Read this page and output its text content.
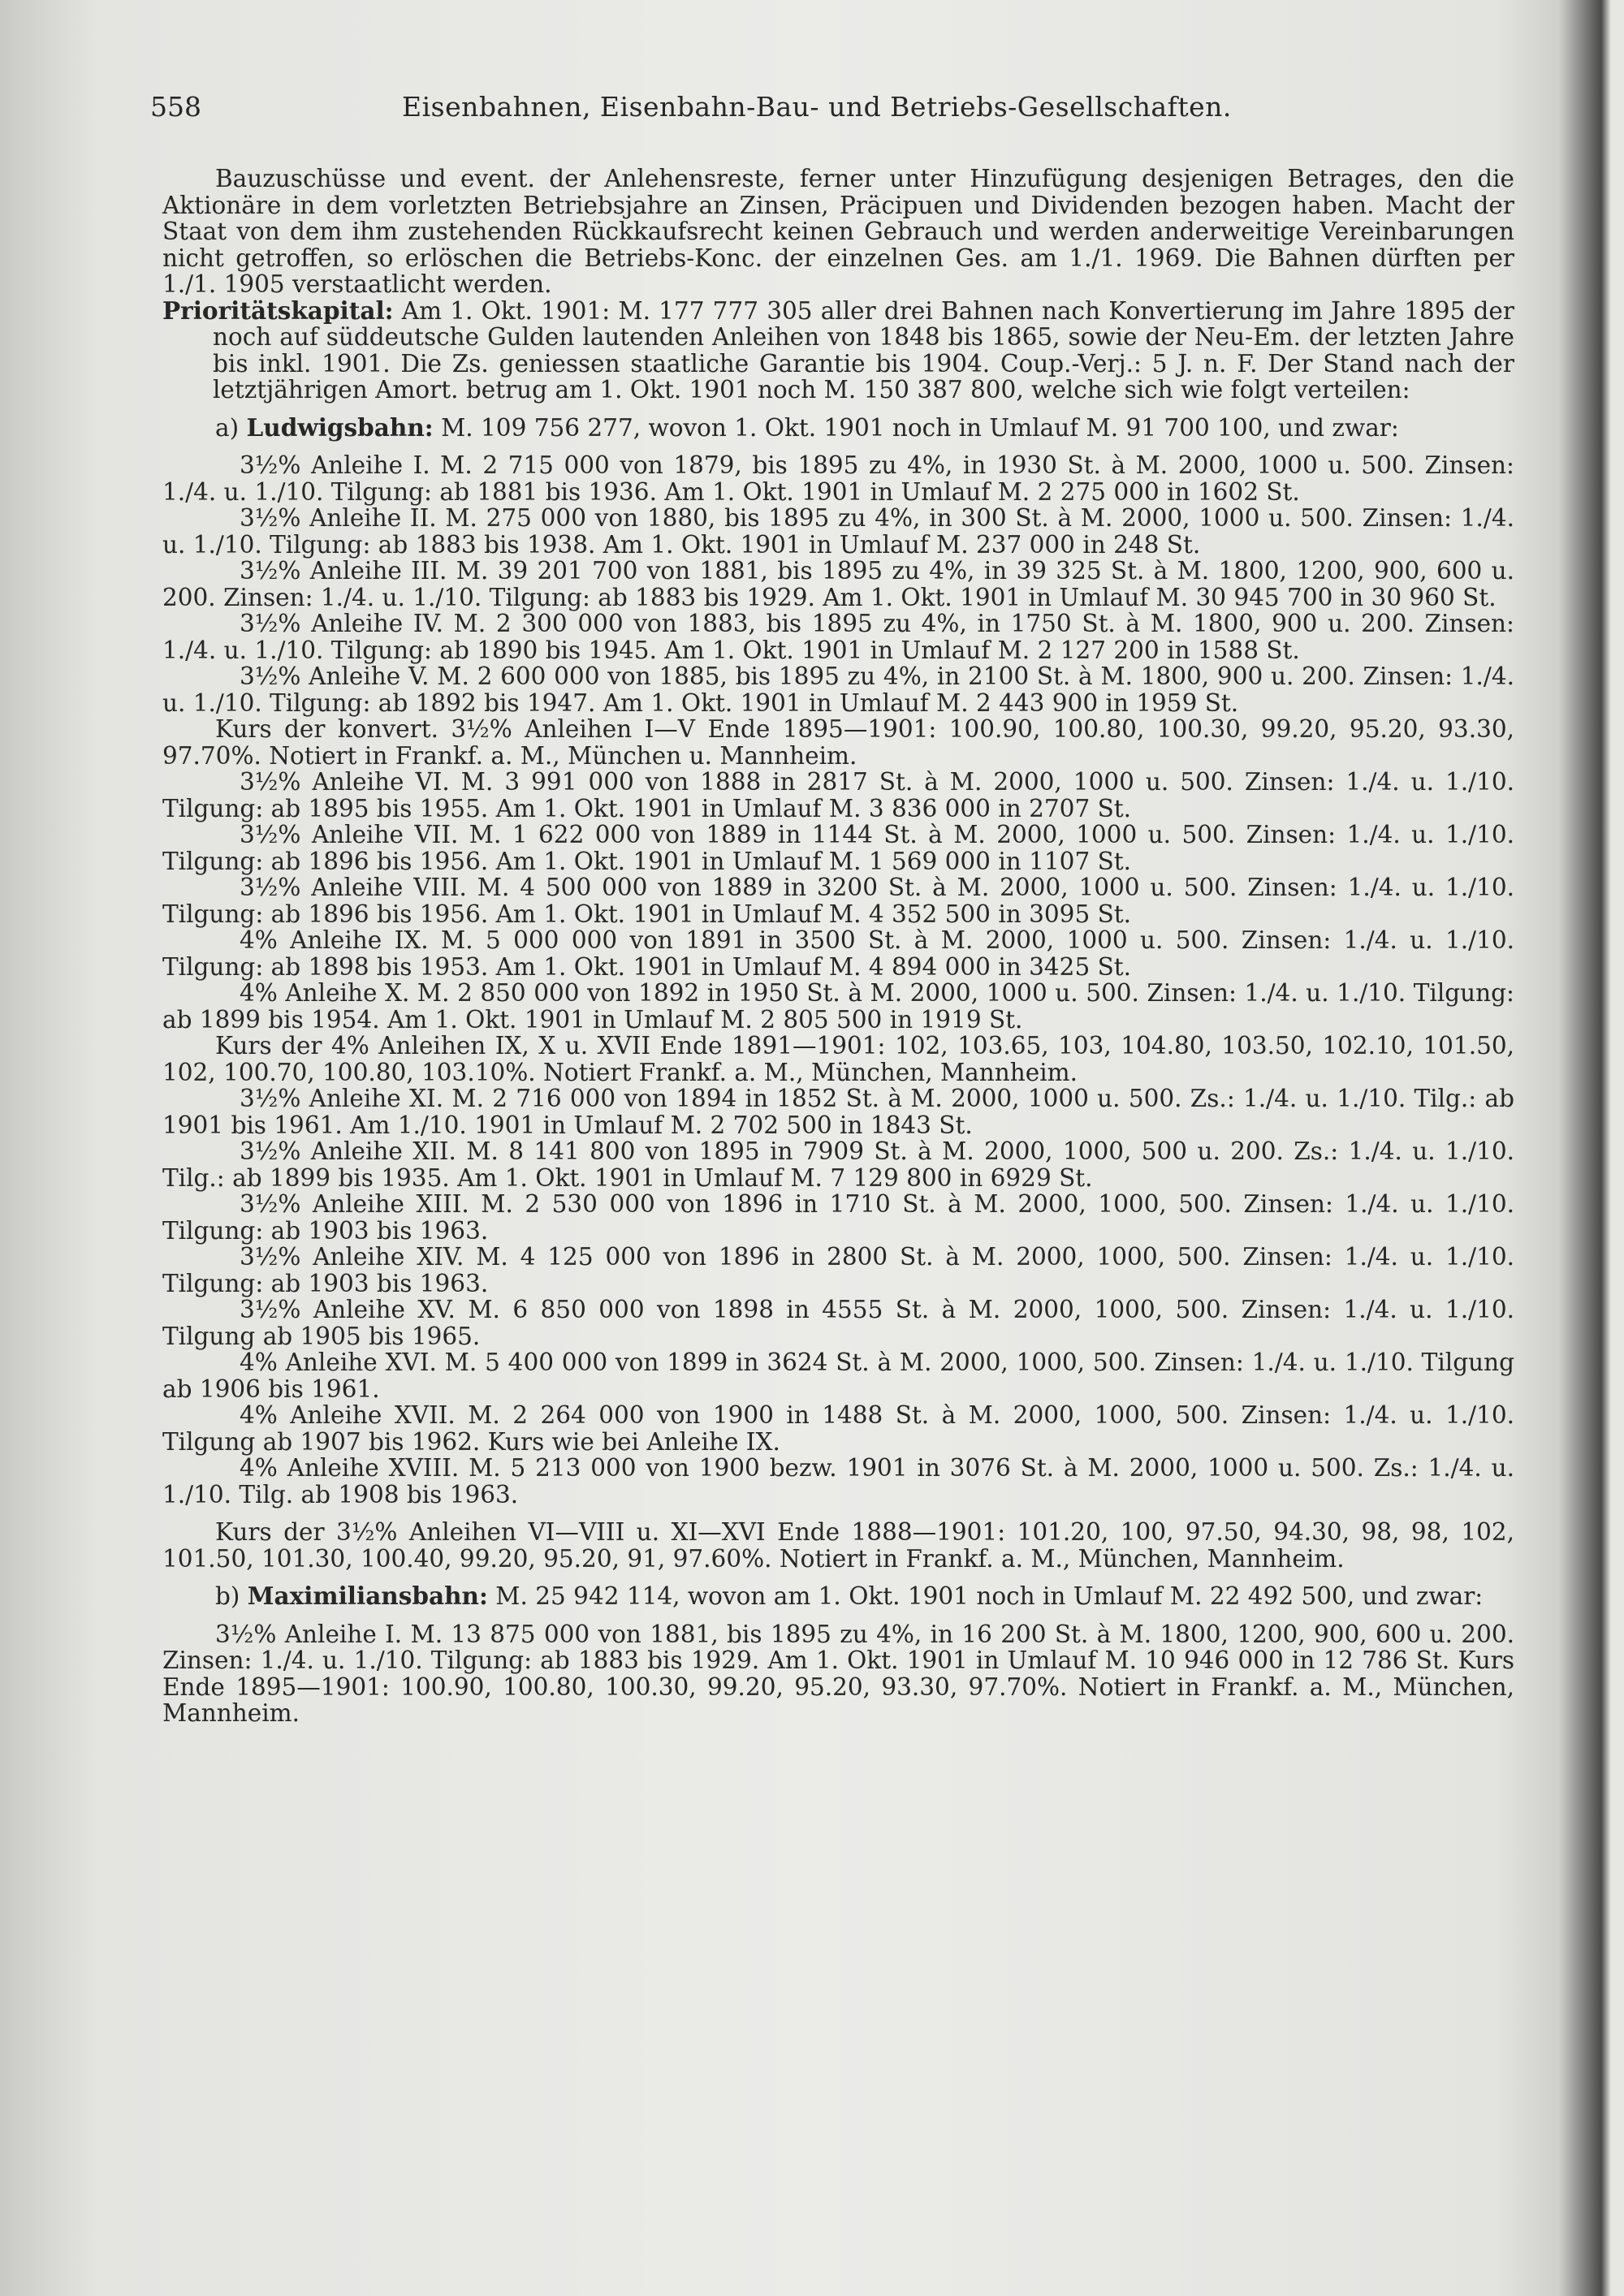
558	Eisenbahnen, Eisenbahn-Bau- und Betriebs-Gesellschaften.

Bauzuschüsse und event. der Anlehensreste, ferner unter Hinzufügung desjenigen Betrages, den die Aktionäre in dem vorletzten Betriebsjahre an Zinsen, Präcipuen und Dividenden bezogen haben. Macht der Staat von dem ihm zustehenden Rückkaufsrecht keinen Gebrauch und werden anderweitige Vereinbarungen nicht getroffen, so erlöschen die Betriebs-Konc. der einzelnen Ges. am 1./1. 1969. Die Bahnen dürften per 1./1. 1905 verstaatlicht werden.

Prioritätskapital: Am 1. Okt. 1901: M. 177 777 305 aller drei Bahnen nach Konvertierung im Jahre 1895 der noch auf süddeutsche Gulden lautenden Anleihen von 1848 bis 1865, sowie der Neu-Em. der letzten Jahre bis inkl. 1901. Die Zs. geniessen staatliche Garantie bis 1904. Coup.-Verj.: 5 J. n. F. Der Stand nach der letztjährigen Amort. betrug am 1. Okt. 1901 noch M. 150 387 800, welche sich wie folgt verteilen:

a) Ludwigsbahn: M. 109 756 277, wovon 1. Okt. 1901 noch in Umlauf M. 91 700 100, und zwar:

3½% Anleihe I. M. 2 715 000 von 1879, bis 1895 zu 4%, in 1930 St. à M. 2000, 1000 u. 500. Zinsen: 1./4. u. 1./10. Tilgung: ab 1881 bis 1936. Am 1. Okt. 1901 in Umlauf M. 2 275 000 in 1602 St.

3½% Anleihe II. M. 275 000 von 1880, bis 1895 zu 4%, in 300 St. à M. 2000, 1000 u. 500. Zinsen: 1./4. u. 1./10. Tilgung: ab 1883 bis 1938. Am 1. Okt. 1901 in Umlauf M. 237 000 in 248 St.

3½% Anleihe III. M. 39 201 700 von 1881, bis 1895 zu 4%, in 39 325 St. à M. 1800, 1200, 900, 600 u. 200. Zinsen: 1./4. u. 1./10. Tilgung: ab 1883 bis 1929. Am 1. Okt. 1901 in Umlauf M. 30 945 700 in 30 960 St.

3½% Anleihe IV. M. 2 300 000 von 1883, bis 1895 zu 4%, in 1750 St. à M. 1800, 900 u. 200. Zinsen: 1./4. u. 1./10. Tilgung: ab 1890 bis 1945. Am 1. Okt. 1901 in Umlauf M. 2 127 200 in 1588 St.

3½% Anleihe V. M. 2 600 000 von 1885, bis 1895 zu 4%, in 2100 St. à M. 1800, 900 u. 200. Zinsen: 1./4. u. 1./10. Tilgung: ab 1892 bis 1947. Am 1. Okt. 1901 in Umlauf M. 2 443 900 in 1959 St.

Kurs der konvert. 3½% Anleihen I—V Ende 1895—1901: 100.90, 100.80, 100.30, 99.20, 95.20, 93.30, 97.70%. Notiert in Frankf. a. M., München u. Mannheim.

3½% Anleihe VI. M. 3 991 000 von 1888 in 2817 St. à M. 2000, 1000 u. 500. Zinsen: 1./4. u. 1./10. Tilgung: ab 1895 bis 1955. Am 1. Okt. 1901 in Umlauf M. 3 836 000 in 2707 St.

3½% Anleihe VII. M. 1 622 000 von 1889 in 1144 St. à M. 2000, 1000 u. 500. Zinsen: 1./4. u. 1./10. Tilgung: ab 1896 bis 1956. Am 1. Okt. 1901 in Umlauf M. 1 569 000 in 1107 St.

3½% Anleihe VIII. M. 4 500 000 von 1889 in 3200 St. à M. 2000, 1000 u. 500. Zinsen: 1./4. u. 1./10. Tilgung: ab 1896 bis 1956. Am 1. Okt. 1901 in Umlauf M. 4 352 500 in 3095 St.

4% Anleihe IX. M. 5 000 000 von 1891 in 3500 St. à M. 2000, 1000 u. 500. Zinsen: 1./4. u. 1./10. Tilgung: ab 1898 bis 1953. Am 1. Okt. 1901 in Umlauf M. 4 894 000 in 3425 St.

4% Anleihe X. M. 2 850 000 von 1892 in 1950 St. à M. 2000, 1000 u. 500. Zinsen: 1./4. u. 1./10. Tilgung: ab 1899 bis 1954. Am 1. Okt. 1901 in Umlauf M. 2 805 500 in 1919 St.

Kurs der 4% Anleihen IX, X u. XVII Ende 1891—1901: 102, 103.65, 103, 104.80, 103.50, 102.10, 101.50, 102, 100.70, 100.80, 103.10%. Notiert Frankf. a. M., München, Mannheim.

3½% Anleihe XI. M. 2 716 000 von 1894 in 1852 St. à M. 2000, 1000 u. 500. Zs.: 1./4. u. 1./10. Tilg.: ab 1901 bis 1961. Am 1./10. 1901 in Umlauf M. 2 702 500 in 1843 St.

3½% Anleihe XII. M. 8 141 800 von 1895 in 7909 St. à M. 2000, 1000, 500 u. 200. Zs.: 1./4. u. 1./10. Tilg.: ab 1899 bis 1935. Am 1. Okt. 1901 in Umlauf M. 7 129 800 in 6929 St.

3½% Anleihe XIII. M. 2 530 000 von 1896 in 1710 St. à M. 2000, 1000, 500. Zinsen: 1./4. u. 1./10. Tilgung: ab 1903 bis 1963.

3½% Anleihe XIV. M. 4 125 000 von 1896 in 2800 St. à M. 2000, 1000, 500. Zinsen: 1./4. u. 1./10. Tilgung: ab 1903 bis 1963.

3½% Anleihe XV. M. 6 850 000 von 1898 in 4555 St. à M. 2000, 1000, 500. Zinsen: 1./4. u. 1./10. Tilgung ab 1905 bis 1965.

4% Anleihe XVI. M. 5 400 000 von 1899 in 3624 St. à M. 2000, 1000, 500. Zinsen: 1./4. u. 1./10. Tilgung ab 1906 bis 1961.

4% Anleihe XVII. M. 2 264 000 von 1900 in 1488 St. à M. 2000, 1000, 500. Zinsen: 1./4. u. 1./10. Tilgung ab 1907 bis 1962. Kurs wie bei Anleihe IX.

4% Anleihe XVIII. M. 5 213 000 von 1900 bezw. 1901 in 3076 St. à M. 2000, 1000 u. 500. Zs.: 1./4. u. 1./10. Tilg. ab 1908 bis 1963.

Kurs der 3½% Anleihen VI—VIII u. XI—XVI Ende 1888—1901: 101.20, 100, 97.50, 94.30, 98, 98, 102, 101.50, 101.30, 100.40, 99.20, 95.20, 91, 97.60%. Notiert in Frankf. a. M., München, Mannheim.

b) Maximiliansbahn: M. 25 942 114, wovon am 1. Okt. 1901 noch in Umlauf M. 22 492 500, und zwar:

3½% Anleihe I. M. 13 875 000 von 1881, bis 1895 zu 4%, in 16 200 St. à M. 1800, 1200, 900, 600 u. 200. Zinsen: 1./4. u. 1./10. Tilgung: ab 1883 bis 1929. Am 1. Okt. 1901 in Umlauf M. 10 946 000 in 12 786 St. Kurs Ende 1895—1901: 100.90, 100.80, 100.30, 99.20, 95.20, 93.30, 97.70%. Notiert in Frankf. a. M., München, Mannheim.
